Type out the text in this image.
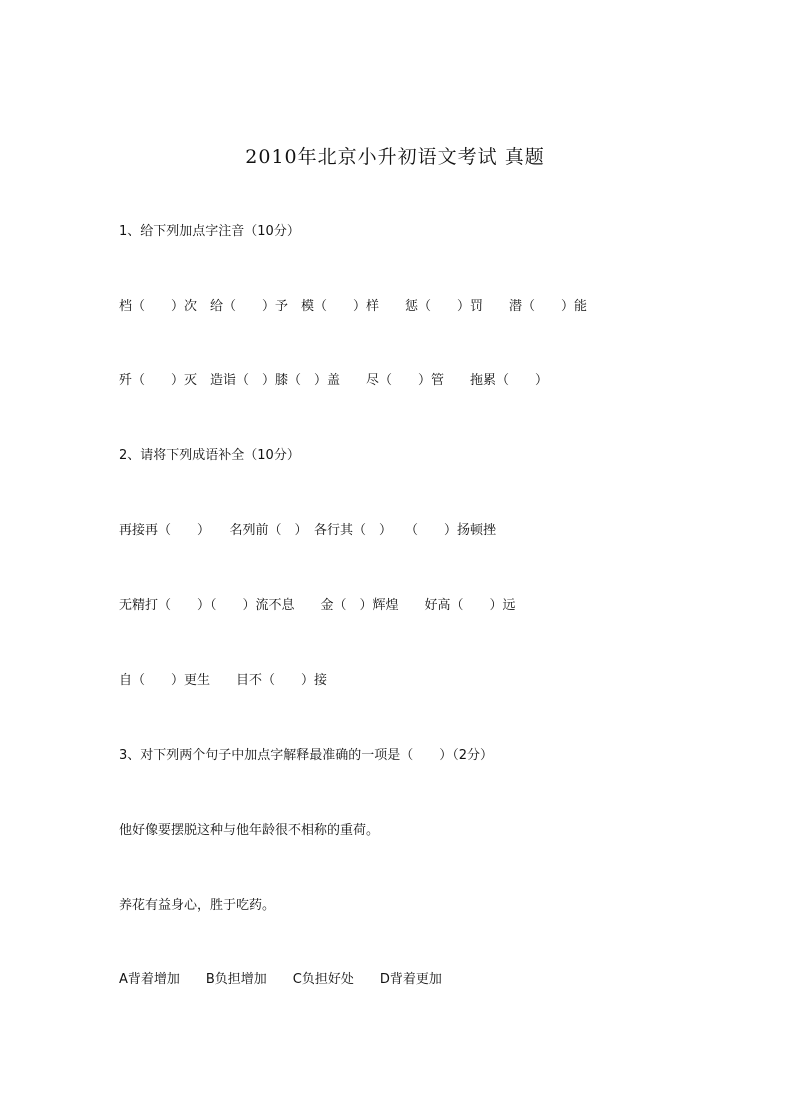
2010年北京小升初语文考试 真题
1、给下列加点字注音（10分）
档（　　）次　给（　　）予　模（　　）样　　惩（　　）罚　　潜（　　）能
歼（　　）灭　造诣（　）膝（　）盖　　尽（　　）管　　拖累（　　）
2、请将下列成语补全（10分）
再接再（　　）　　名列前（　）　各行其（　）　　（　　）扬顿挫
无精打（　　）（　　）流不息　　金（　）辉煌　　好高（　　）远
自（　　）更生　　目不（　　）接
3、对下列两个句子中加点字解释最准确的一项是（　　）（2分）
他好像要摆脱这种与他年龄很不相称的重荷。
养花有益身心，胜于吃药。
A背着增加　　B负担增加　　C负担好处　　D背着更加
